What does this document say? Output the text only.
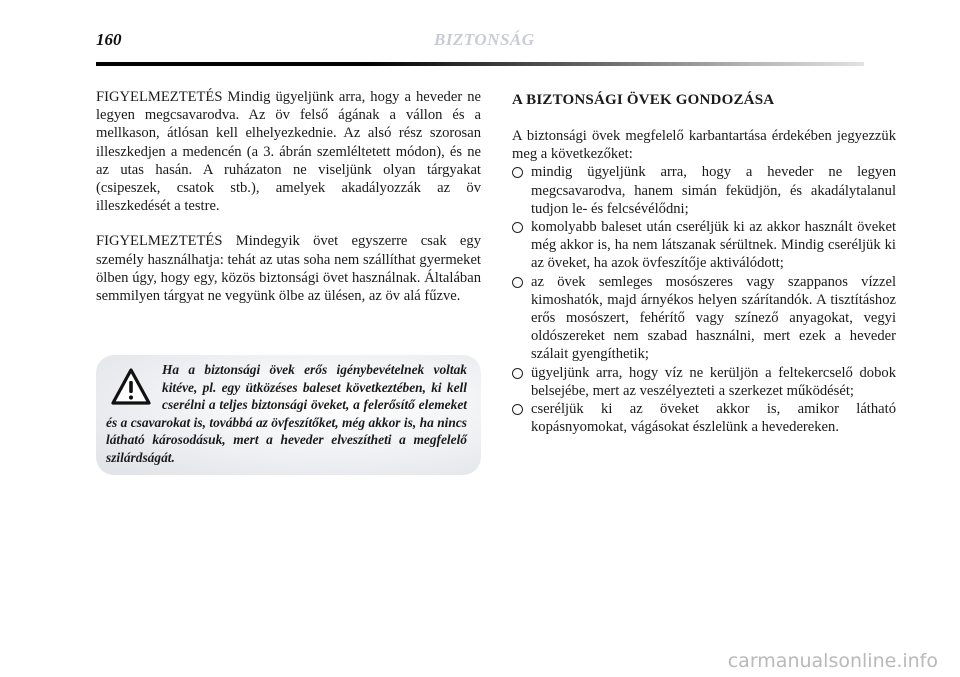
160	BIZTONSÁG

FIGYELMEZTETÉS Mindig ügyeljünk arra, hogy a heveder ne legyen megcsavarodva. Az öv felső ágának a vállon és a mellkason, átlósan kell elhelyezkednie. Az alsó rész szorosan illeszkedjen a medencén (a 3. ábrán szemléltetett módon), és ne az utas hasán. A ruházaton ne viseljünk olyan tárgyakat (csipeszek, csatok stb.), amelyek akadályozzák az öv illeszkedését a testre.

FIGYELMEZTETÉS Mindegyik övet egyszerre csak egy személy használhatja: tehát az utas soha nem szállíthat gyermeket ölben úgy, hogy egy, közös biztonsági övet használnak. Általában semmilyen tárgyat ne vegyünk ölbe az ülésen, az öv alá fűzve.

Ha a biztonsági övek erős igénybevételnek voltak kitéve, pl. egy ütközéses baleset következtében, ki kell cserélni a teljes biztonsági öveket, a felerősítő elemeket és a csavarokat is, továbbá az övfeszítőket, még akkor is, ha nincs látható károsodásuk, mert a heveder elveszítheti a megfelelő szilárdságát.

A BIZTONSÁGI ÖVEK GONDOZÁSA

A biztonsági övek megfelelő karbantartása érdekében jegyezzük meg a következőket:

mindig ügyeljünk arra, hogy a heveder ne legyen megcsavarodva, hanem simán feküdjön, és akadálytalanul tudjon le- és felcsévélődni;
komolyabb baleset után cseréljük ki az akkor használt öveket még akkor is, ha nem látszanak sérültnek. Mindig cseréljük ki az öveket, ha azok övfeszítője aktiválódott;
az övek semleges mosószeres vagy szappanos vízzel kimoshatók, majd árnyékos helyen szárítandók. A tisztításhoz erős mosószert, fehérítő vagy színező anyagokat, vegyi oldószereket nem szabad használni, mert ezek a heveder szálait gyengíthetik;
ügyeljünk arra, hogy víz ne kerüljön a feltekercselő dobok belsejébe, mert az veszélyezteti a szerkezet működését;
cseréljük ki az öveket akkor is, amikor látható kopásnyomokat, vágásokat észlelünk a hevedereken.
carmanualsonline.info
